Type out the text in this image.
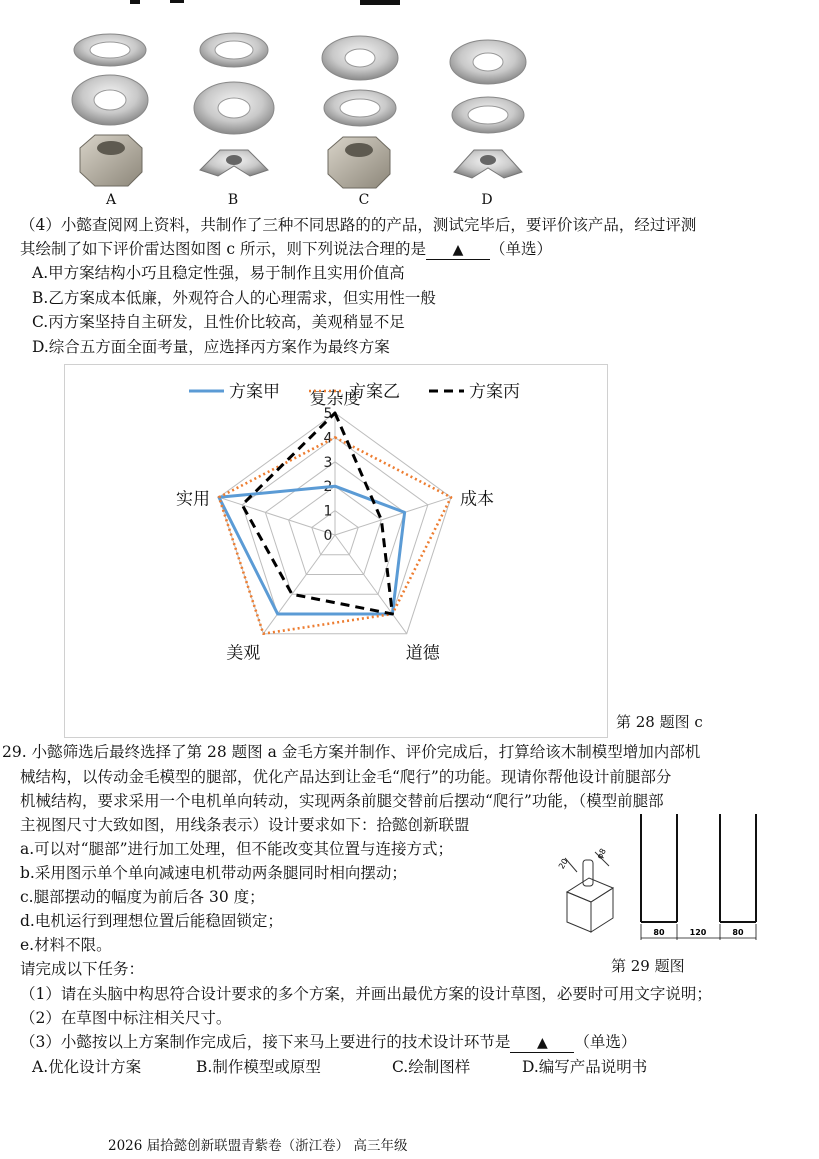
A	B	C	D
（4）小懿查阅网上资料，共制作了三种不同思路的的产品，测试完毕后，要评价该产品，经过评测
其绘制了如下评价雷达图如图 c 所示，则下列说法合理的是 ▲ （单选）
A.甲方案结构小巧且稳定性强，易于制作且实用价值高
B.乙方案成本低廉，外观符合人的心理需求，但实用性一般
C.丙方案坚持自主研发，且性价比较高，美观稍显不足
D.综合五方面全面考量，应选择丙方案作为最终方案
0
1
2
3
4
5
复杂度
成本
道德
美观
实用
方案甲	方案乙	方案丙
第 28 题图 c
29. 小懿筛选后最终选择了第 28 题图 a 金毛方案并制作、评价完成后，打算给该木制模型增加内部机
械结构，以传动金毛模型的腿部，优化产品达到让金毛“爬行”的功能。现请你帮他设计前腿部分
机械结构，要求采用一个电机单向转动，实现两条前腿交替前后摆动“爬行”功能，（模型前腿部
主视图尺寸大致如图，用线条表示）设计要求如下：拾懿创新联盟
a.可以对“腿部”进行加工处理，但不能改变其位置与连接方式；
b.采用图示单个单向减速电机带动两条腿同时相向摆动；
c.腿部摆动的幅度为前后各 30 度；
d.电机运行到理想位置后能稳固锁定；
e.材料不限。
请完成以下任务：
（1）请在头脑中构思符合设计要求的多个方案，并画出最优方案的设计草图，必要时可用文字说明；
（2）在草图中标注相关尺寸。
（3）小懿按以上方案制作完成后，接下来马上要进行的技术设计环节是 ▲ （单选）
A.优化设计方案	B.制作模型或原型	C.绘制图样	D.编写产品说明书
20
φ8
80	120	80
第 29 题图
2026 届拾懿创新联盟青紫卷（浙江卷） 高三年级
